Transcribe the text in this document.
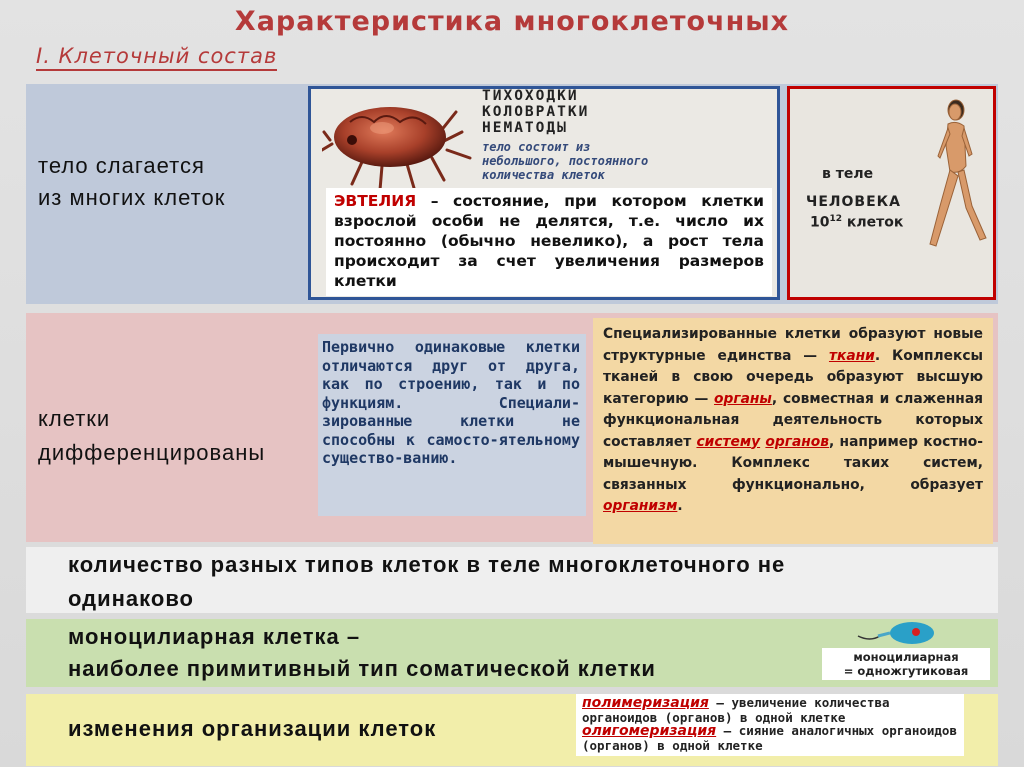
Характеристика многоклеточных
I. Клеточный состав
тело слагается
из многих клеток
ТИХОХОДКИ
КОЛОВРАТКИ
НЕМАТОДЫ
тело состоит из
небольшого, постоянного
количества клеток
ЭВТЕЛИЯ – состояние, при котором клетки взрослой особи не делятся, т.е. число их постоянно (обычно невелико), а рост тела происходит за счет увеличения размеров клетки
в теле
ЧЕЛОВЕКА
$10^{12}$ клеток
клетки
дифференцированы
Первично одинаковые клетки отличаются друг от друга, как по строению, так и по функциям. Специали-зированные клетки не способны к самосто-ятельному существо-ванию.
Специализированные клетки образуют новые структурные единства — ткани. Комплексы тканей в свою очередь образуют высшую категорию — органы, совместная и слаженная функциональная деятельность которых составляет систему органов, например костно-мышечную. Комплекс таких систем, связанных функционально, образует организм.
количество разных типов клеток в теле многоклеточного не
одинаково
моноцилиарная клетка –
наиболее примитивный тип соматической клетки	моноцилиарная
= одножгутиковая
изменения организации клеток
полимеризация – увеличение количества органоидов (органов) в одной клетке
олигомеризация – сияние аналогичных органоидов (органов) в одной клетке
